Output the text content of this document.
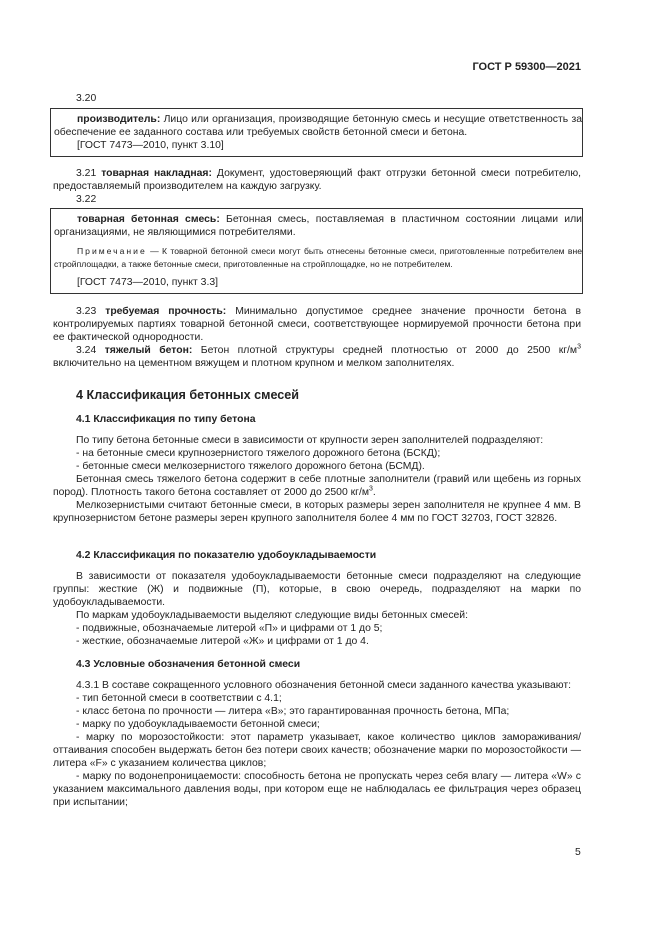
ГОСТ Р 59300—2021
3.20

производитель: Лицо или организация, производящие бетонную смесь и несущие ответственность за обеспечение ее заданного состава или требуемых свойств бетонной смеси и бетона.

[ГОСТ 7473—2010, пункт 3.10]

3.21 товарная накладная: Документ, удостоверяющий факт отгрузки бетонной смеси потребителю, предоставляемый производителем на каждую загрузку.

3.22

товарная бетонная смесь: Бетонная смесь, поставляемая в пластичном состоянии лицами или организациями, не являющимися потребителями.

Примечание — К товарной бетонной смеси могут быть отнесены бетонные смеси, приготовленные потребителем вне стройплощадки, а также бетонные смеси, приготовленные на стройплощадке, но не потребителем.

[ГОСТ 7473—2010, пункт 3.3]

3.23 требуемая прочность: Минимально допустимое среднее значение прочности бетона в контролируемых партиях товарной бетонной смеси, соответствующее нормируемой прочности бетона при ее фактической однородности.

3.24 тяжелый бетон: Бетон плотной структуры средней плотностью от 2000 до 2500 $кг/м^3$ включительно на цементном вяжущем и плотном крупном и мелком заполнителях.

4 Классификация бетонных смесей
4.1 Классификация по типу бетона

По типу бетона бетонные смеси в зависимости от крупности зерен заполнителей подразделяют:

- на бетонные смеси крупнозернистого тяжелого дорожного бетона (БСКД);

- бетонные смеси мелкозернистого тяжелого дорожного бетона (БСМД).

Бетонная смесь тяжелого бетона содержит в себе плотные заполнители (гравий или щебень из горных пород). Плотность такого бетона составляет от 2000 до 2500 $кг/м^3$.

Мелкозернистыми считают бетонные смеси, в которых размеры зерен заполнителя не крупнее 4 мм. В крупнозернистом бетоне размеры зерен крупного заполнителя более 4 мм по ГОСТ 32703, ГОСТ 32826.

4.2 Классификация по показателю удобоукладываемости

В зависимости от показателя удобоукладываемости бетонные смеси подразделяют на следующие группы: жесткие (Ж) и подвижные (П), которые, в свою очередь, подразделяют на марки по удобоукладываемости.

По маркам удобоукладываемости выделяют следующие виды бетонных смесей:

- подвижные, обозначаемые литерой «П» и цифрами от 1 до 5;

- жесткие, обозначаемые литерой «Ж» и цифрами от 1 до 4.

4.3 Условные обозначения бетонной смеси

4.3.1 В составе сокращенного условного обозначения бетонной смеси заданного качества указывают:

- тип бетонной смеси в соответствии с 4.1;

- класс бетона по прочности — литера «В»; это гарантированная прочность бетона, МПа;

- марку по удобоукладываемости бетонной смеси;

- марку по морозостойкости: этот параметр указывает, какое количество циклов замораживания/оттаивания способен выдержать бетон без потери своих качеств; обозначение марки по морозостойкости — литера «F» с указанием количества циклов;

- марку по водонепроницаемости: способность бетона не пропускать через себя влагу — литера «W» с указанием максимального давления воды, при котором еще не наблюдалась ее фильтрация через образец при испытании;

5
